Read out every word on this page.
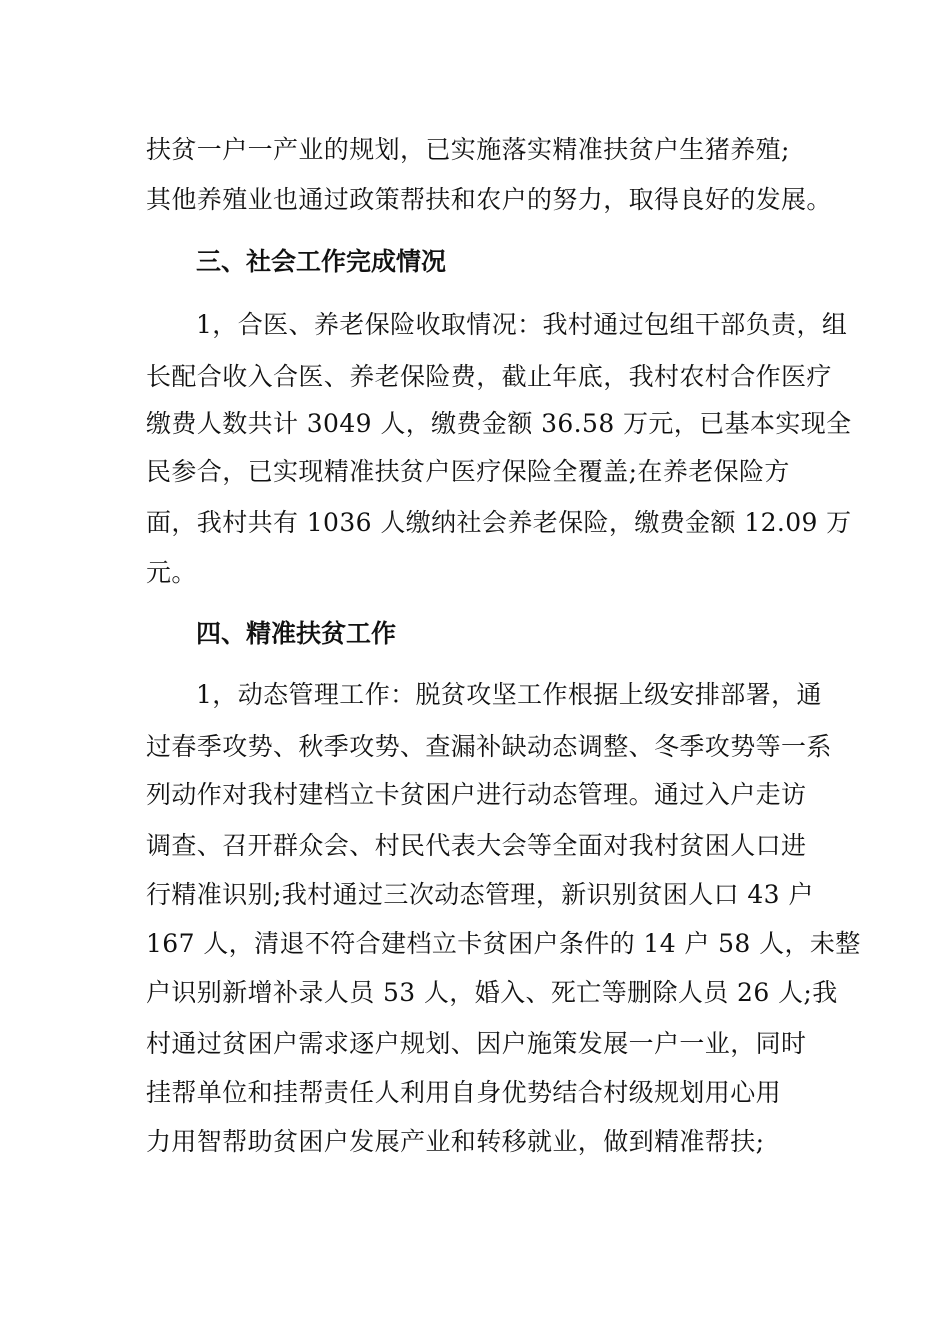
扶贫一户一产业的规划，已实施落实精准扶贫户生猪养殖;
其他养殖业也通过政策帮扶和农户的努力，取得良好的发展。
三、社会工作完成情况
1，合医、养老保险收取情况：我村通过包组干部负责，组
长配合收入合医、养老保险费，截止年底，我村农村合作医疗
缴费人数共计 3049 人，缴费金额 36.58 万元，已基本实现全
民参合，已实现精准扶贫户医疗保险全覆盖;在养老保险方
面，我村共有 1036 人缴纳社会养老保险，缴费金额 12.09 万
元。
四、精准扶贫工作
1，动态管理工作：脱贫攻坚工作根据上级安排部署，通
过春季攻势、秋季攻势、查漏补缺动态调整、冬季攻势等一系
列动作对我村建档立卡贫困户进行动态管理。通过入户走访
调查、召开群众会、村民代表大会等全面对我村贫困人口进
行精准识别;我村通过三次动态管理，新识别贫困人口 43 户
167 人，清退不符合建档立卡贫困户条件的 14 户 58 人，未整
户识别新增补录人员 53 人，婚入、死亡等删除人员 26 人;我
村通过贫困户需求逐户规划、因户施策发展一户一业，同时
挂帮单位和挂帮责任人利用自身优势结合村级规划用心用
力用智帮助贫困户发展产业和转移就业，做到精准帮扶;
